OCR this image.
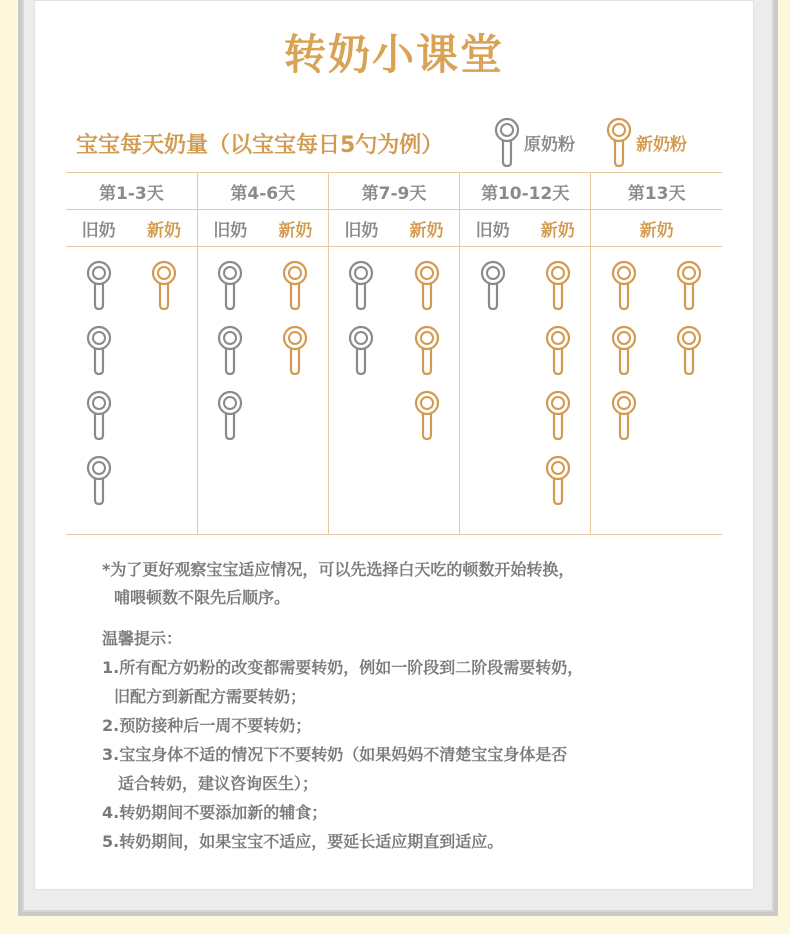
转奶小课堂
宝宝每天奶量（以宝宝每日5勺为例）	原奶粉	新奶粉
第1-3天	第4-6天	第7-9天	第10-12天	第13天

旧奶 新奶	旧奶 新奶	旧奶 新奶	旧奶 新奶	新奶

*为了更好观察宝宝适应情况，可以先选择白天吃的顿数开始转换，
哺喂顿数不限先后顺序。
温馨提示：
1.所有配方奶粉的改变都需要转奶，例如一阶段到二阶段需要转奶，
旧配方到新配方需要转奶；
2.预防接种后一周不要转奶；
3.宝宝身体不适的情况下不要转奶（如果妈妈不清楚宝宝身体是否
适合转奶，建议咨询医生）；
4.转奶期间不要添加新的辅食；
5.转奶期间，如果宝宝不适应，要延长适应期直到适应。
